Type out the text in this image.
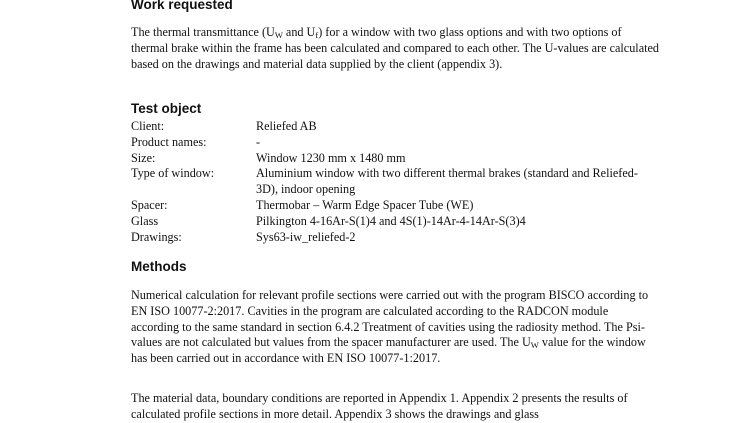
Work requested

The thermal transmittance ($U_W$ and $U_f$) for a window with two glass options and with two options of thermal brake within the frame has been calculated and compared to each other. The U-values are calculated based on the drawings and material data supplied by the client (appendix 3).

Test object
Client:	Reliefed AB
Product names:	-
Size:	Window 1230 mm x 1480 mm
Type of window:	Aluminium window with two different thermal brakes (standard and Reliefed-3D), indoor opening
Spacer:	Thermobar – Warm Edge Spacer Tube (WE)
Glass	Pilkington 4-16Ar-S(1)4 and 4S(1)-14Ar-4-14Ar-S(3)4
Drawings:	Sys63-iw_reliefed-2
Methods

Numerical calculation for relevant profile sections were carried out with the program BISCO according to EN ISO 10077-2:2017. Cavities in the program are calculated according to the RADCON module according to the same standard in section 6.4.2 Treatment of cavities using the radiosity method. The Psi-values are not calculated but values from the spacer manufacturer are used. The $U_W$ value for the window has been carried out in accordance with EN ISO 10077-1:2017.

The material data, boundary conditions are reported in Appendix 1. Appendix 2 presents the results of calculated profile sections in more detail. Appendix 3 shows the drawings and glass
